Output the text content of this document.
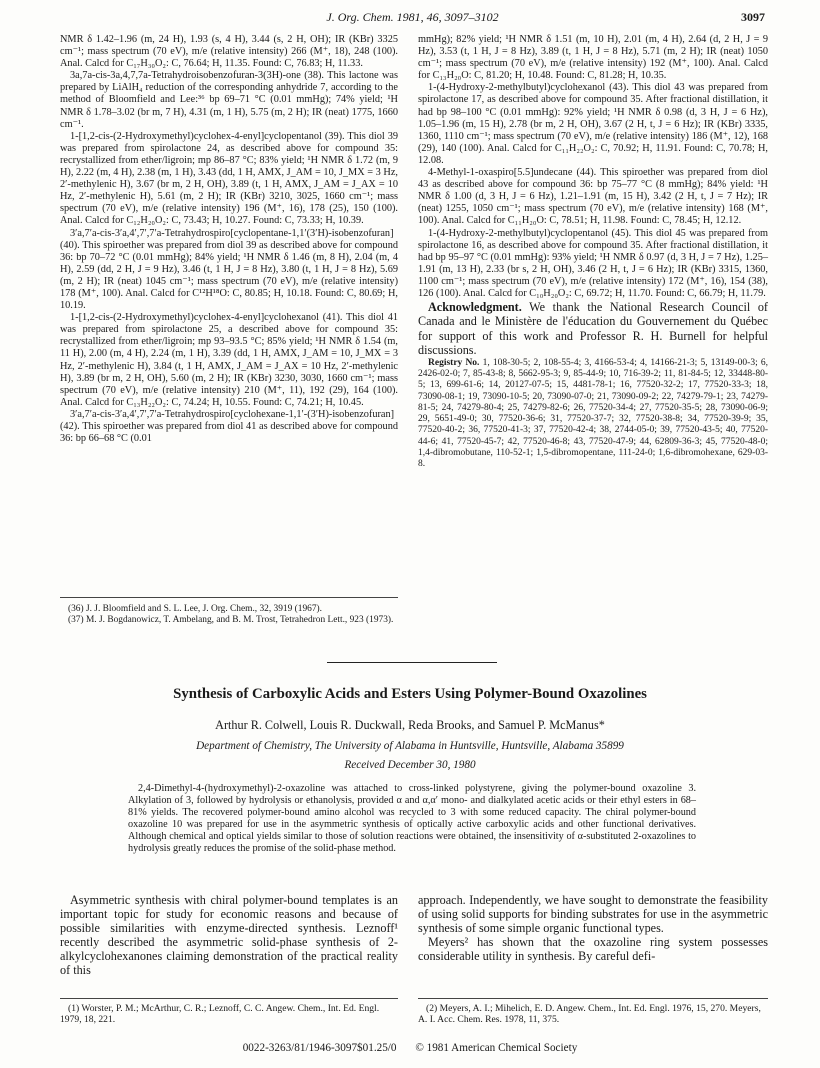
J. Org. Chem. 1981, 46, 3097–3102	3097

NMR δ 1.42–1.96 (m, 24 H), 1.93 (s, 4 H), 3.44 (s, 2 H, OH); IR (KBr) 3325 cm⁻¹; mass spectrum (70 eV), m/e (relative intensity) 266 (M⁺, 18), 248 (100). Anal. Calcd for C₁₇H₃₀O₂: C, 76.64; H, 11.35. Found: C, 76.83; H, 11.33.

3a,7a-cis-3a,4,7,7a-Tetrahydroisobenzofuran-3(3H)-one (38). This lactone was prepared by LiAlH₄ reduction of the corresponding anhydride 7, according to the method of Bloomfield and Lee:³⁶ bp 69–71 °C (0.01 mmHg); 74% yield; ¹H NMR δ 1.78–3.02 (br m, 7 H), 4.31 (m, 1 H), 5.75 (m, 2 H); IR (neat) 1775, 1660 cm⁻¹.

1-[1,2-cis-(2-Hydroxymethyl)cyclohex-4-enyl]cyclopentanol (39). This diol 39 was prepared from spirolactone 24, as described above for compound 35: recrystallized from ether/ligroin; mp 86–87 °C; 83% yield; ¹H NMR δ 1.72 (m, 9 H), 2.22 (m, 4 H), 2.38 (m, 1 H), 3.43 (dd, 1 H, AMX, J_AM = 10, J_MX = 3 Hz, 2′-methylenic H), 3.67 (br m, 2 H, OH), 3.89 (t, 1 H, AMX, J_AM = J_AX = 10 Hz, 2′-methylenic H), 5.61 (m, 2 H); IR (KBr) 3210, 3025, 1660 cm⁻¹; mass spectrum (70 eV), m/e (relative intensity) 196 (M⁺, 16), 178 (25), 150 (100). Anal. Calcd for C₁₂H₂₀O₂: C, 73.43; H, 10.27. Found: C, 73.33; H, 10.39.

3′a,7′a-cis-3′a,4′,7′,7′a-Tetrahydrospiro[cyclopentane-1,1′(3′H)-isobenzofuran] (40). This spiroether was prepared from diol 39 as described above for compound 36: bp 70–72 °C (0.01 mmHg); 84% yield; ¹H NMR δ 1.46 (m, 8 H), 2.04 (m, 4 H), 2.59 (dd, 2 H, J = 9 Hz), 3.46 (t, 1 H, J = 8 Hz), 3.80 (t, 1 H, J = 8 Hz), 5.69 (m, 2 H); IR (neat) 1045 cm⁻¹; mass spectrum (70 eV), m/e (relative intensity) 178 (M⁺, 100). Anal. Calcd for C¹²H¹⁸O: C, 80.85; H, 10.18. Found: C, 80.69; H, 10.19.

1-[1,2-cis-(2-Hydroxymethyl)cyclohex-4-enyl]cyclohexanol (41). This diol 41 was prepared from spirolactone 25, a described above for compound 35: recrystallized from ether/ligroin; mp 93–93.5 °C; 85% yield; ¹H NMR δ 1.54 (m, 11 H), 2.00 (m, 4 H), 2.24 (m, 1 H), 3.39 (dd, 1 H, AMX, J_AM = 10, J_MX = 3 Hz, 2′-methylenic H), 3.84 (t, 1 H, AMX, J_AM = J_AX = 10 Hz, 2′-methylenic H), 3.89 (br m, 2 H, OH), 5.60 (m, 2 H); IR (KBr) 3230, 3030, 1660 cm⁻¹; mass spectrum (70 eV), m/e (relative intensity) 210 (M⁺, 11), 192 (29), 164 (100). Anal. Calcd for C₁₃H₂₂O₂: C, 74.24; H, 10.55. Found: C, 74.21; H, 10.45.

3′a,7′a-cis-3′a,4′,7′,7′a-Tetrahydrospiro[cyclohexane-1,1′-(3′H)-isobenzofuran] (42). This spiroether was prepared from diol 41 as described above for compound 36: bp 66–68 °C (0.01

(36) J. J. Bloomfield and S. L. Lee, J. Org. Chem., 32, 3919 (1967).

(37) M. J. Bogdanowicz, T. Ambelang, and B. M. Trost, Tetrahedron Lett., 923 (1973).

mmHg); 82% yield; ¹H NMR δ 1.51 (m, 10 H), 2.01 (m, 4 H), 2.64 (d, 2 H, J = 9 Hz), 3.53 (t, 1 H, J = 8 Hz), 3.89 (t, 1 H, J = 8 Hz), 5.71 (m, 2 H); IR (neat) 1050 cm⁻¹; mass spectrum (70 eV), m/e (relative intensity) 192 (M⁺, 100). Anal. Calcd for C₁₃H₂₀O: C, 81.20; H, 10.48. Found: C, 81.28; H, 10.35.

1-(4-Hydroxy-2-methylbutyl)cyclohexanol (43). This diol 43 was prepared from spirolactone 17, as described above for compound 35. After fractional distillation, it had bp 98–100 °C (0.01 mmHg): 92% yield; ¹H NMR δ 0.98 (d, 3 H, J = 6 Hz), 1.05–1.96 (m, 15 H), 2.78 (br m, 2 H, OH), 3.67 (2 H, t, J = 6 Hz); IR (KBr) 3335, 1360, 1110 cm⁻¹; mass spectrum (70 eV), m/e (relative intensity) 186 (M⁺, 12), 168 (29), 140 (100). Anal. Calcd for C₁₁H₂₂O₂: C, 70.92; H, 11.91. Found: C, 70.78; H, 12.08.

4-Methyl-1-oxaspiro[5.5]undecane (44). This spiroether was prepared from diol 43 as described above for compound 36: bp 75–77 °C (8 mmHg); 84% yield: ¹H NMR δ 1.00 (d, 3 H, J = 6 Hz), 1.21–1.91 (m, 15 H), 3.42 (2 H, t, J = 7 Hz); IR (neat) 1255, 1050 cm⁻¹; mass spectrum (70 eV), m/e (relative intensity) 168 (M⁺, 100). Anal. Calcd for C₁₁H₂₀O: C, 78.51; H, 11.98. Found: C, 78.45; H, 12.12.

1-(4-Hydroxy-2-methylbutyl)cyclopentanol (45). This diol 45 was prepared from spirolactone 16, as described above for compound 35. After fractional distillation, it had bp 95–97 °C (0.01 mmHg): 93% yield; ¹H NMR δ 0.97 (d, 3 H, J = 7 Hz), 1.25–1.91 (m, 13 H), 2.33 (br s, 2 H, OH), 3.46 (2 H, t, J = 6 Hz); IR (KBr) 3315, 1360, 1100 cm⁻¹; mass spectrum (70 eV), m/e (relative intensity) 172 (M⁺, 16), 154 (38), 126 (100). Anal. Calcd for C₁₀H₂₀O₂: C, 69.72; H, 11.70. Found: C, 66.79; H, 11.79.

Acknowledgment. We thank the National Research Council of Canada and le Ministère de l'éducation du Gouvernement du Québec for support of this work and Professor R. H. Burnell for helpful discussions.

Registry No. 1, 108-30-5; 2, 108-55-4; 3, 4166-53-4; 4, 14166-21-3; 5, 13149-00-3; 6, 2426-02-0; 7, 85-43-8; 8, 5662-95-3; 9, 85-44-9; 10, 716-39-2; 11, 81-84-5; 12, 33448-80-5; 13, 699-61-6; 14, 20127-07-5; 15, 4481-78-1; 16, 77520-32-2; 17, 77520-33-3; 18, 73090-08-1; 19, 73090-10-5; 20, 73090-07-0; 21, 73090-09-2; 22, 74279-79-1; 23, 74279-81-5; 24, 74279-80-4; 25, 74279-82-6; 26, 77520-34-4; 27, 77520-35-5; 28, 73090-06-9; 29, 5651-49-0; 30, 77520-36-6; 31, 77520-37-7; 32, 77520-38-8; 34, 77520-39-9; 35, 77520-40-2; 36, 77520-41-3; 37, 77520-42-4; 38, 2744-05-0; 39, 77520-43-5; 40, 77520-44-6; 41, 77520-45-7; 42, 77520-46-8; 43, 77520-47-9; 44, 62809-36-3; 45, 77520-48-0; 1,4-dibromobutane, 110-52-1; 1,5-dibromopentane, 111-24-0; 1,6-dibromohexane, 629-03-8.

Synthesis of Carboxylic Acids and Esters Using Polymer-Bound Oxazolines
Arthur R. Colwell, Louis R. Duckwall, Reda Brooks, and Samuel P. McManus*
Department of Chemistry, The University of Alabama in Huntsville, Huntsville, Alabama 35899
Received December 30, 1980
2,4-Dimethyl-4-(hydroxymethyl)-2-oxazoline was attached to cross-linked polystyrene, giving the polymer-bound oxazoline 3. Alkylation of 3, followed by hydrolysis or ethanolysis, provided α and α,α′ mono- and dialkylated acetic acids or their ethyl esters in 68–81% yields. The recovered polymer-bound amino alcohol was recycled to 3 with some reduced capacity. The chiral polymer-bound oxazoline 10 was prepared for use in the asymmetric synthesis of optically active carboxylic acids and other functional derivatives. Although chemical and optical yields similar to those of solution reactions were obtained, the insensitivity of α-substituted 2-oxazolines to hydrolysis greatly reduces the promise of the solid-phase method.
Asymmetric synthesis with chiral polymer-bound templates is an important topic for study for economic reasons and because of possible similarities with enzyme-directed synthesis. Leznoff¹ recently described the asymmetric solid-phase synthesis of 2-alkylcyclohexanones claiming demonstration of the practical reality of this

approach. Independently, we have sought to demonstrate the feasibility of using solid supports for binding substrates for use in the asymmetric synthesis of some simple organic functional types.

Meyers² has shown that the oxazoline ring system possesses considerable utility in synthesis. By careful defi-

(1) Worster, P. M.; McArthur, C. R.; Leznoff, C. C. Angew. Chem., Int. Ed. Engl. 1979, 18, 221.
(2) Meyers, A. I.; Mihelich, E. D. Angew. Chem., Int. Ed. Engl. 1976, 15, 270. Meyers, A. I. Acc. Chem. Res. 1978, 11, 375.
0022-3263/81/1946-3097$01.25/0 © 1981 American Chemical Society
